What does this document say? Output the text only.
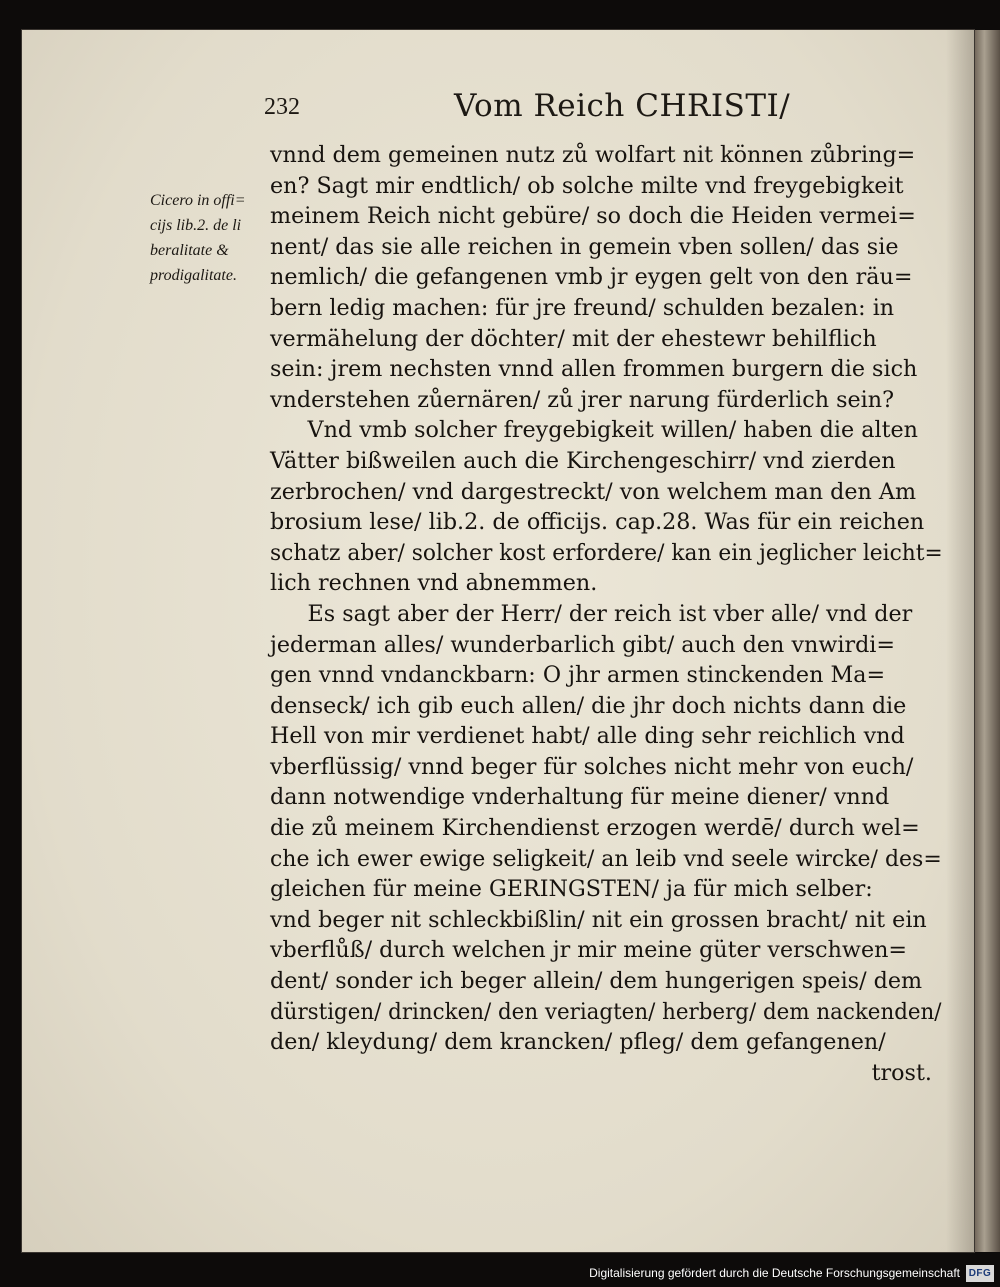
232	Vom Reich CHRISTI/
Cicero in offi=
cijs lib.2. de li
beralitate &
prodigalitate.
vnnd dem gemeinen nutz zů wolfart nit können zůbring=
en? Sagt mir endtlich/ ob solche milte vnd freygebigkeit
meinem Reich nicht gebüre/ so doch die Heiden vermei=
nent/ das sie alle reichen in gemein vben sollen/ das sie
nemlich/ die gefangenen vmb jr eygen gelt von den räu=
bern ledig machen: für jre freund/ schulden bezalen: in
vermähelung der döchter/ mit der ehestewr behilflich
sein: jrem nechsten vnnd allen frommen burgern die sich
vnderstehen zůernären/ zů jrer narung fürderlich sein?
Vnd vmb solcher freygebigkeit willen/ haben die alten
Vätter bißweilen auch die Kirchengeschirr/ vnd zierden
zerbrochen/ vnd dargestreckt/ von welchem man den Am
brosium lese/ lib.2. de officijs. cap.28. Was für ein reichen
schatz aber/ solcher kost erfordere/ kan ein jeglicher leicht=
lich rechnen vnd abnemmen.
Es sagt aber der Herr/ der reich ist vber alle/ vnd der
jederman alles/ wunderbarlich gibt/ auch den vnwirdi=
gen vnnd vndanckbarn: O jhr armen stinckenden Ma=
denseck/ ich gib euch allen/ die jhr doch nichts dann die
Hell von mir verdienet habt/ alle ding sehr reichlich vnd
vberflüssig/ vnnd beger für solches nicht mehr von euch/
dann notwendige vnderhaltung für meine diener/ vnnd
die zů meinem Kirchendienst erzogen werdē/ durch wel=
che ich ewer ewige seligkeit/ an leib vnd seele wircke/ des=
gleichen für meine GERINGSTEN/ ja für mich selber:
vnd beger nit schleckbißlin/ nit ein grossen bracht/ nit ein
vberflůß/ durch welchen jr mir meine güter verschwen=
dent/ sonder ich beger allein/ dem hungerigen speis/ dem
dürstigen/ drincken/ den veriagten/ herberg/ dem nackenden/
den/ kleydung/ dem krancken/ pfleg/ dem gefangenen/
trost.
Digitalisierung gefördert durch die Deutsche Forschungsgemeinschaft DFG
